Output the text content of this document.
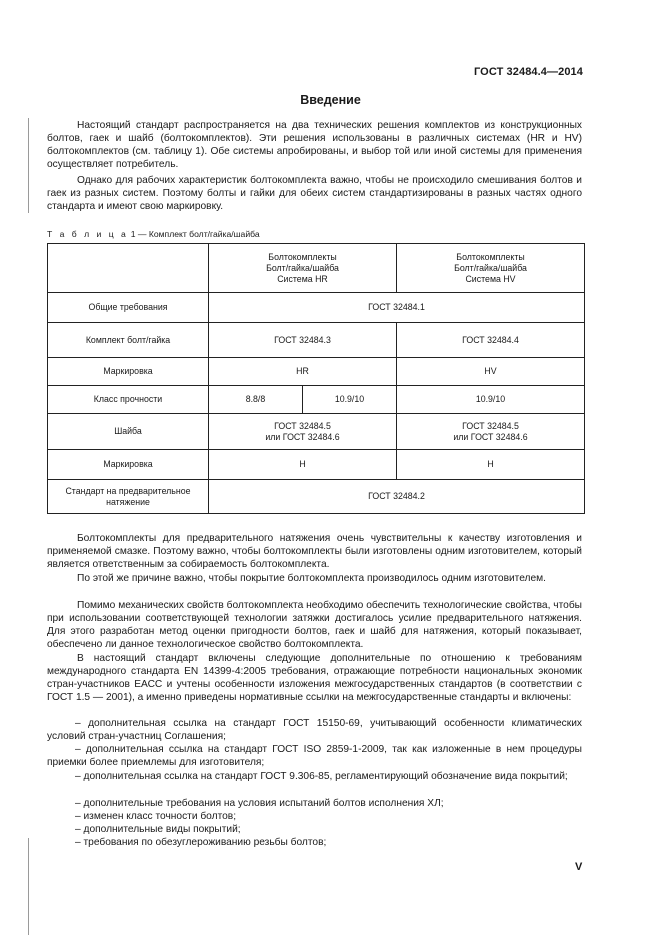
ГОСТ 32484.4—2014
Введение

Настоящий стандарт распространяется на два технических решения комплектов из конструкционных болтов, гаек и шайб (болтокомплектов). Эти решения использованы в различных системах (HR и HV) болтокомплектов (см. таблицу 1). Обе системы апробированы, и выбор той или иной системы для применения осуществляет потребитель.

Однако для рабочих характеристик болтокомплекта важно, чтобы не происходило смешивания болтов и гаек из разных систем. Поэтому болты и гайки для обеих систем стандартизированы в разных частях одного стандарта и имеют свою маркировку.

Т а б л и ц а 1 — Комплект болт/гайка/шайба
	Болтокомплекты
Болт/гайка/шайба
Система HR		Болтокомплекты
Болт/гайка/шайба
Система HV
Общие требования	ГОСТ 32484.1		
Комплект болт/гайка	ГОСТ 32484.3		ГОСТ 32484.4
Маркировка	HR		HV
Класс прочности	8.8/8	10.9/10	10.9/10
Шайба	ГОСТ 32484.5
или ГОСТ 32484.6		ГОСТ 32484.5
или ГОСТ 32484.6
Маркировка	H		H
Стандарт на предварительное
натяжение	ГОСТ 32484.2		

Болтокомплекты для предварительного натяжения очень чувствительны к качеству изготовления и применяемой смазке. Поэтому важно, чтобы болтокомплекты были изготовлены одним изготовителем, который является ответственным за собираемость болтокомплекта.

По этой же причине важно, чтобы покрытие болтокомплекта производилось одним изготовителем.

Помимо механических свойств болтокомплекта необходимо обеспечить технологические свойства, чтобы при использовании соответствующей технологии затяжки достигалось усилие предварительного натяжения. Для этого разработан метод оценки пригодности болтов, гаек и шайб для натяжения, который показывает, обеспечено ли данное технологическое свойство болтокомплекта.

В настоящий стандарт включены следующие дополнительные по отношению к требованиям международного стандарта EN 14399-4:2005 требования, отражающие потребности национальных экономик стран-участников ЕАСС и учтены особенности изложения межгосударственных стандартов (в соответствии с ГОСТ 1.5 — 2001), а именно приведены нормативные ссылки на межгосударственные стандарты и включены:

– дополнительная ссылка на стандарт ГОСТ 15150-69, учитывающий особенности климатических условий стран-участниц Соглашения;

– дополнительная ссылка на стандарт ГОСТ ISO 2859-1-2009, так как изложенные в нем процедуры приемки более приемлемы для изготовителя;

– дополнительная ссылка на стандарт ГОСТ 9.306-85, регламентирующий обозначение вида покрытий;

– дополнительные требования на условия испытаний болтов исполнения ХЛ;

– изменен класс точности болтов;

– дополнительные виды покрытий;

– требования по обезуглероживанию резьбы болтов;

V
